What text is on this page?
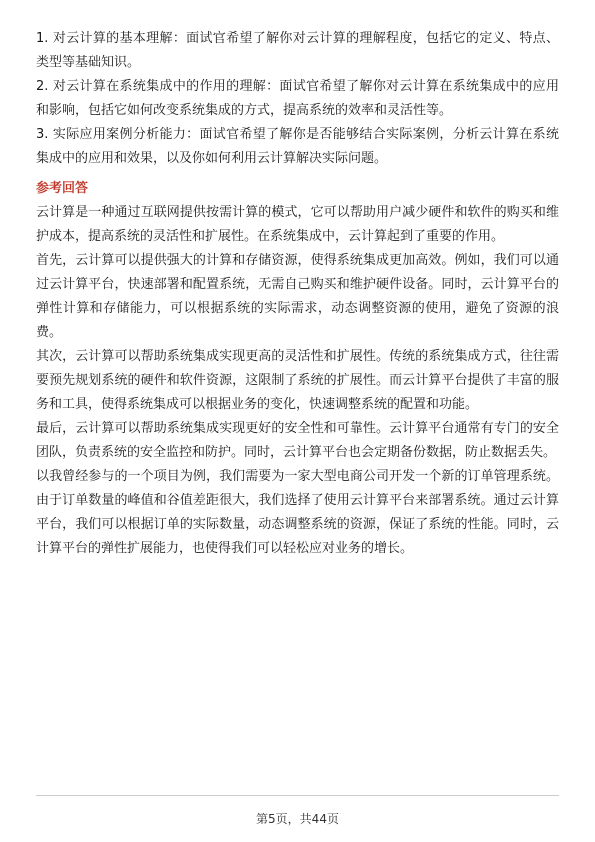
1. 对云计算的基本理解：面试官希望了解你对云计算的理解程度，包括它的定义、特点、类型等基础知识。

2. 对云计算在系统集成中的作用的理解：面试官希望了解你对云计算在系统集成中的应用和影响，包括它如何改变系统集成的方式，提高系统的效率和灵活性等。

3. 实际应用案例分析能力：面试官希望了解你是否能够结合实际案例，分析云计算在系统集成中的应用和效果，以及你如何利用云计算解决实际问题。

参考回答

云计算是一种通过互联网提供按需计算的模式，它可以帮助用户减少硬件和软件的购买和维护成本，提高系统的灵活性和扩展性。在系统集成中，云计算起到了重要的作用。

首先，云计算可以提供强大的计算和存储资源，使得系统集成更加高效。例如，我们可以通过云计算平台，快速部署和配置系统，无需自己购买和维护硬件设备。同时，云计算平台的弹性计算和存储能力，可以根据系统的实际需求，动态调整资源的使用，避免了资源的浪费。

其次，云计算可以帮助系统集成实现更高的灵活性和扩展性。传统的系统集成方式，往往需要预先规划系统的硬件和软件资源，这限制了系统的扩展性。而云计算平台提供了丰富的服务和工具，使得系统集成可以根据业务的变化，快速调整系统的配置和功能。

最后，云计算可以帮助系统集成实现更好的安全性和可靠性。云计算平台通常有专门的安全团队，负责系统的安全监控和防护。同时，云计算平台也会定期备份数据，防止数据丢失。

以我曾经参与的一个项目为例，我们需要为一家大型电商公司开发一个新的订单管理系统。由于订单数量的峰值和谷值差距很大，我们选择了使用云计算平台来部署系统。通过云计算平台，我们可以根据订单的实际数量，动态调整系统的资源，保证了系统的性能。同时，云计算平台的弹性扩展能力，也使得我们可以轻松应对业务的增长。

第5页，共44页
